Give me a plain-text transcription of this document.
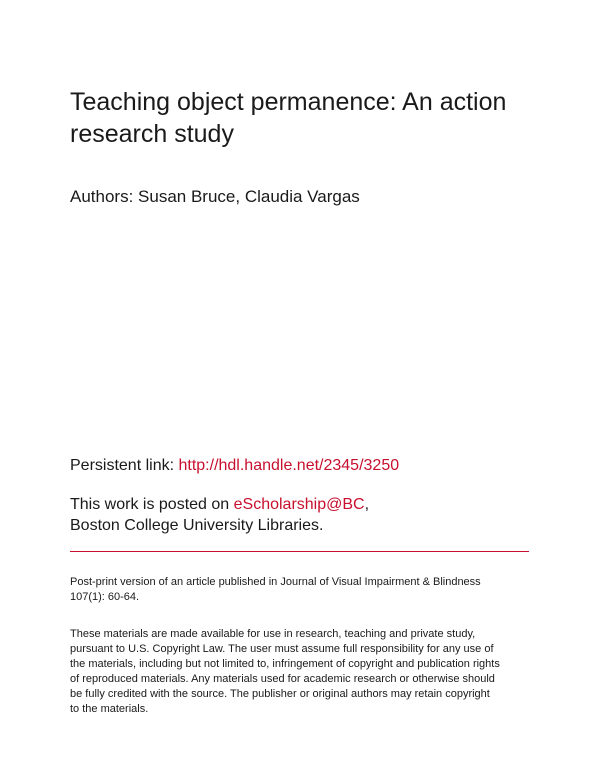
Teaching object permanence: An action
research study

Authors: Susan Bruce, Claudia Vargas

Persistent link: http://hdl.handle.net/2345/3250
This work is posted on eScholarship@BC,
Boston College University Libraries.

Post-print version of an article published in Journal of Visual Impairment & Blindness
107(1): 60-64.

These materials are made available for use in research, teaching and private study,
pursuant to U.S. Copyright Law. The user must assume full responsibility for any use of
the materials, including but not limited to, infringement of copyright and publication rights
of reproduced materials. Any materials used for academic research or otherwise should
be fully credited with the source. The publisher or original authors may retain copyright
to the materials.
